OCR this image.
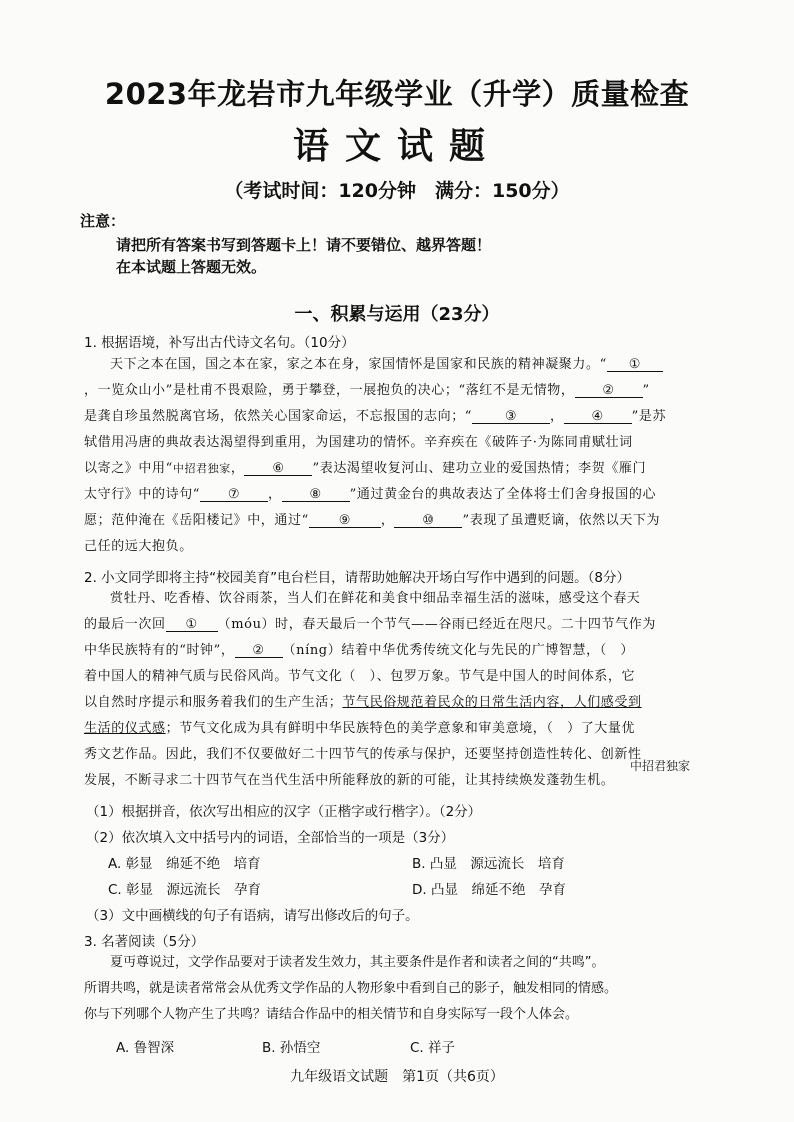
2023年龙岩市九年级学业（升学）质量检查
语文试题
（考试时间：120分钟　满分：150分）
注意：
请把所有答案书写到答题卡上！请不要错位、越界答题！
在本试题上答题无效。
一、积累与运用（23分）
1. 根据语境，补写出古代诗文名句。（10分）
天下之本在国，国之本在家，家之本在身，家国情怀是国家和民族的精神凝聚力。“ ①
，一览众山小”是杜甫不畏艰险，勇于攀登，一展抱负的决心；“落红不是无情物， ② ”
是龚自珍虽然脱离官场，依然关心国家命运，不忘报国的志向；“	③	， ④ ”是苏
轼借用冯唐的典故表达渴望得到重用，为国建功的情怀。辛弃疾在《破阵子·为陈同甫赋壮词
以寄之》中用“中招君独家， ⑥ ”表达渴望收复河山、建功立业的爱国热情；李贺《雁门
太守行》中的诗句“ ⑦ ， ⑧ ”通过黄金台的典故表达了全体将士们舍身报国的心
愿；范仲淹在《岳阳楼记》中，通过“ ⑨ ， ⑩ ”表现了虽遭贬谪，依然以天下为
己任的远大抱负。
2. 小文同学即将主持“校园美育”电台栏目，请帮助她解决开场白写作中遇到的问题。（8分）
赏牡丹、吃香椿、饮谷雨茶，当人们在鲜花和美食中细品幸福生活的滋味，感受这个春天
的最后一次回 ① （móu）时，春天最后一个节气——谷雨已经近在咫尺。二十四节气作为
中华民族特有的“时钟”， ② （níng）结着中华优秀传统文化与先民的广博智慧，（　）
着中国人的精神气质与民俗风尚。节气文化（　）、包罗万象。节气是中国人的时间体系，它
以自然时序提示和服务着我们的生产生活；节气民俗规范着民众的日常生活内容，人们感受到
生活的仪式感；节气文化成为具有鲜明中华民族特色的美学意象和审美意境，（　）了大量优
秀文艺作品。因此，我们不仅要做好二十四节气的传承与保护，还要坚持创造性转化、创新性
发展，不断寻求二十四节气在当代生活中所能释放的新的可能，让其持续焕发蓬勃生机。
中招君独家
（1）根据拼音，依次写出相应的汉字（正楷字或行楷字）。（2分）
（2）依次填入文中括号内的词语，全部恰当的一项是（3分）
A. 彰显　绵延不绝　培育	B. 凸显　源远流长　培育
C. 彰显　源远流长　孕育	D. 凸显　绵延不绝　孕育
（3）文中画横线的句子有语病，请写出修改后的句子。
3. 名著阅读（5分）
夏丏尊说过，文学作品要对于读者发生效力，其主要条件是作者和读者之间的“共鸣”。
九年级语文试题　第1页（共6页）
所谓共鸣，就是读者常常会从优秀文学作品的人物形象中看到自己的影子，触发相同的情感。
你与下列哪个人物产生了共鸣？请结合作品中的相关情节和自身实际写一段个人体会。
A. 鲁智深	B. 孙悟空	C. 祥子
